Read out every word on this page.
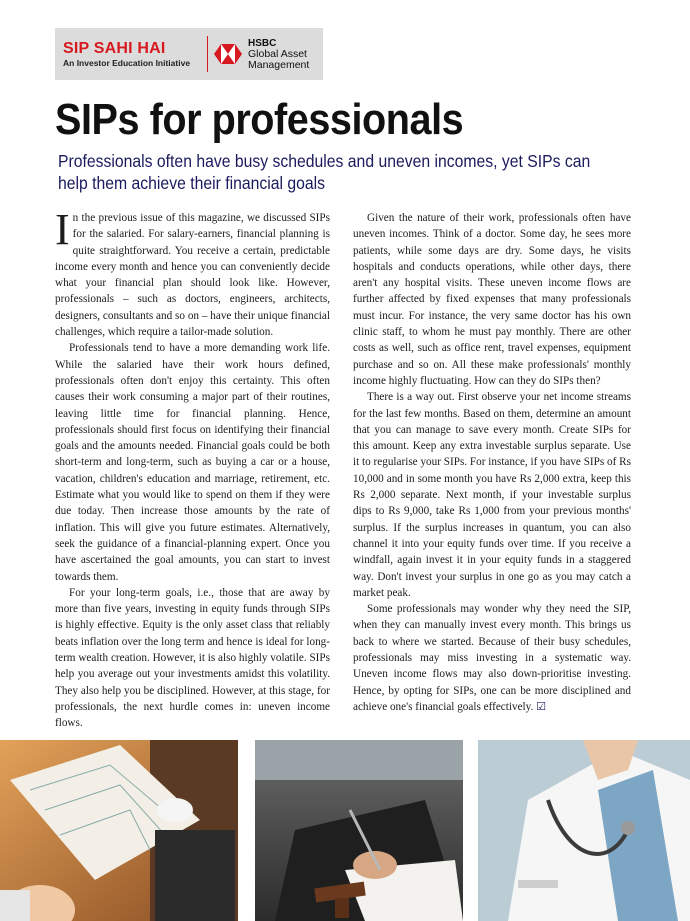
SIP SAHI HAI
An Investor Education Initiative
HSBC
Global Asset
Management
SIPs for professionals

Professionals often have busy schedules and uneven incomes, yet SIPs can help them achieve their financial goals

In the previous issue of this magazine, we discussed SIPs for the salaried. For salary-earners, financial planning is quite straightforward. You receive a certain, predictable income every month and hence you can conveniently decide what your financial plan should look like. However, professionals – such as doctors, engineers, architects, designers, consultants and so on – have their unique financial challenges, which require a tailor-made solution.

Professionals tend to have a more demanding work life. While the salaried have their work hours defined, professionals often don't enjoy this certainty. This often causes their work consuming a major part of their routines, leaving little time for financial planning. Hence, professionals should first focus on identifying their financial goals and the amounts needed. Financial goals could be both short-term and long-term, such as buying a car or a house, vacation, children's education and marriage, retirement, etc. Estimate what you would like to spend on them if they were due today. Then increase those amounts by the rate of inflation. This will give you future estimates. Alternatively, seek the guidance of a financial-planning expert. Once you have ascertained the goal amounts, you can start to invest towards them.

For your long-term goals, i.e., those that are away by more than five years, investing in equity funds through SIPs is highly effective. Equity is the only asset class that reliably beats inflation over the long term and hence is ideal for long-term wealth creation. However, it is also highly volatile. SIPs help you average out your investments amidst this volatility. They also help you be disciplined. However, at this stage, for professionals, the next hurdle comes in: uneven income flows.

Given the nature of their work, professionals often have uneven incomes. Think of a doctor. Some day, he sees more patients, while some days are dry. Some days, he visits hospitals and conducts operations, while other days, there aren't any hospital visits. These uneven income flows are further affected by fixed expenses that many professionals must incur. For instance, the very same doctor has his own clinic staff, to whom he must pay monthly. There are other costs as well, such as office rent, travel expenses, equipment purchase and so on. All these make professionals' monthly income highly fluctuating. How can they do SIPs then?

There is a way out. First observe your net income streams for the last few months. Based on them, determine an amount that you can manage to save every month. Create SIPs for this amount. Keep any extra investable surplus separate. Use it to regularise your SIPs. For instance, if you have SIPs of Rs 10,000 and in some month you have Rs 2,000 extra, keep this Rs 2,000 separate. Next month, if your investable surplus dips to Rs 9,000, take Rs 1,000 from your previous months' surplus. If the surplus increases in quantum, you can also channel it into your equity funds over time. If you receive a windfall, again invest it in your equity funds in a staggered way. Don't invest your surplus in one go as you may catch a market peak.

Some professionals may wonder why they need the SIP, when they can manually invest every month. This brings us back to where we started. Because of their busy schedules, professionals may miss investing in a systematic way. Uneven income flows may also down-prioritise investing. Hence, by opting for SIPs, one can be more disciplined and achieve one's financial goals effectively. ☑
